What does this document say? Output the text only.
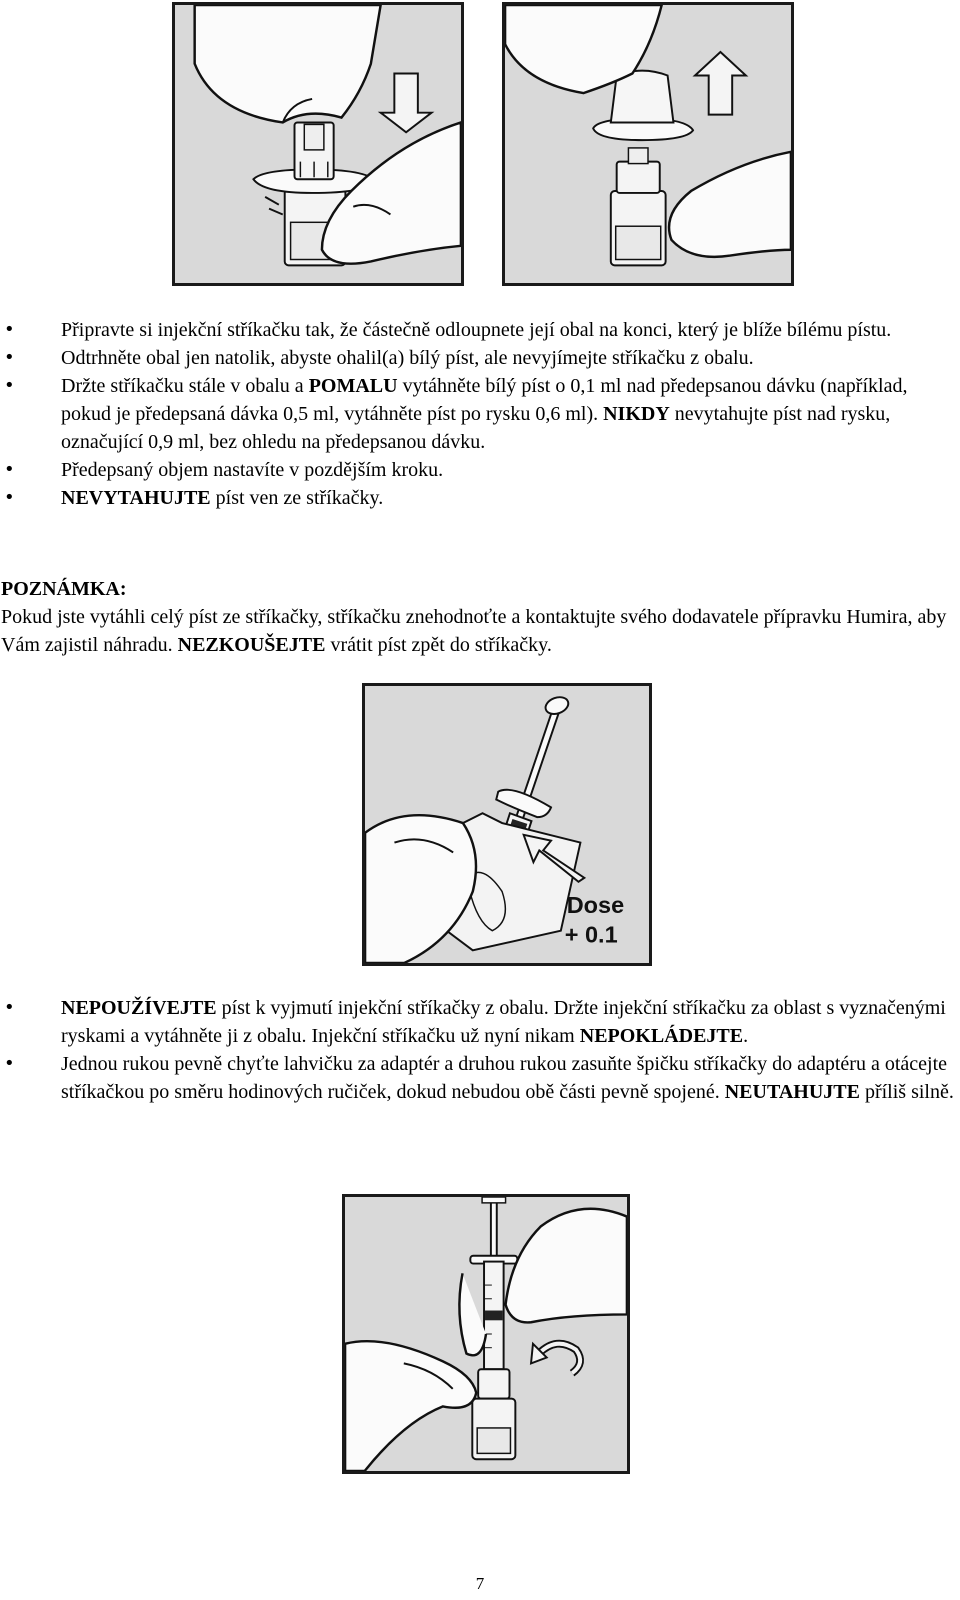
• Připravte si injekční stříkačku tak, že částečně odloupnete její obal na konci, který je blíže bílému pístu.
• Odtrhněte obal jen natolik, abyste ohalil(a) bílý píst, ale nevyjímejte stříkačku z obalu.
• Držte stříkačku stále v obalu a POMALU vytáhněte bílý píst o 0,1 ml nad předepsanou dávku (například, pokud je předepsaná dávka 0,5 ml, vytáhněte píst po rysku 0,6 ml). NIKDY nevytahujte píst nad rysku, označující 0,9 ml, bez ohledu na předepsanou dávku.
• Předepsaný objem nastavíte v pozdějším kroku.
• NEVYTAHUJTE píst ven ze stříkačky.
POZNÁMKA:
Pokud jste vytáhli celý píst ze stříkačky, stříkačku znehodnoťte a kontaktujte svého dodavatele přípravku Humira, aby Vám zajistil náhradu. NEZKOUŠEJTE vrátit píst zpět do stříkačky.
Dose
+ 0.1
• NEPOUŽÍVEJTE píst k vyjmutí injekční stříkačky z obalu. Držte injekční stříkačku za oblast s vyznačenými ryskami a vytáhněte ji z obalu. Injekční stříkačku už nyní nikam NEPOKLÁDEJTE.
• Jednou rukou pevně chyťte lahvičku za adaptér a druhou rukou zasuňte špičku stříkačky do adaptéru a otácejte stříkačkou po směru hodinových ručiček, dokud nebudou obě části pevně spojené. NEUTAHUJTE příliš silně.
7
